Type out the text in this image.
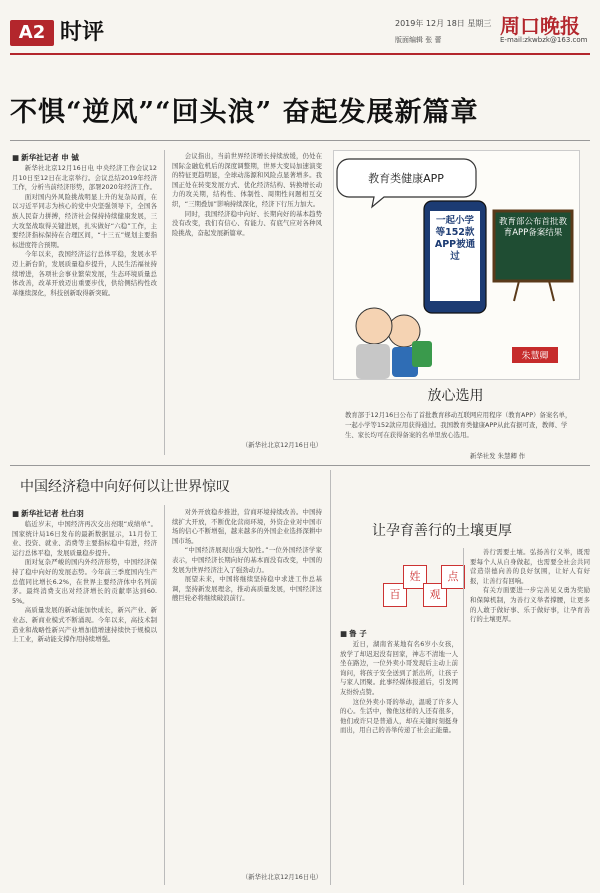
A2 时评	2019年 12月 18日 星期三 周口晚报
版面编辑 张 蕾	E-mail:zkwbzk@163.com
不惧“逆风”“回头浪” 奋起发展新篇章
■ 新华社记者 申 铖

新华社北京12月16日电 中央经济工作会议12月10日至12日在北京举行。会议总结2019年经济工作，分析当前经济形势，部署2020年经济工作。

面对国内外风险挑战明显上升的复杂局面，在以习近平同志为核心的党中央坚强领导下，全国各族人民奋力拼搏，经济社会保持持续健康发展，三大攻坚战取得关键进展，扎实做好“六稳”工作，主要经济指标保持在合理区间，“十三五”规划主要指标进度符合预期。

今年以来，我国经济运行总体平稳，发展水平迈上新台阶，发展质量稳步提升，人民生活福祉持续增进，各项社会事业繁荣发展，生态环境质量总体改善，改革开放迈出重要步伐，供给侧结构性改革继续深化，科技创新取得新突破。

会议指出，当前世界经济增长持续放缓，仍处在国际金融危机后的深度调整期，世界大变局加速演变的特征更趋明显，全球动荡源和风险点显著增多。我国正处在转变发展方式、优化经济结构、转换增长动力的攻关期，结构性、体制性、周期性问题相互交织，“三期叠加”影响持续深化，经济下行压力加大。

同时，我国经济稳中向好、长期向好的基本趋势没有改变，我们有信心、有能力、有底气应对各种风险挑战，奋起发展新篇章。

（新华社北京12月16日电）
教育类健康APP
一起小学等152款APP被通过
教育部公布首批教育APP备案结果
朱慧卿
放心选用
教育部于12月16日公布了首批教育移动互联网应用程序（教育APP）备案名单，一起小学等152款应用获得通过。我国教育类健康APP从此有据可查，教师、学生、家长均可在获得备案的名单里放心选用。
新华社发 朱慧卿 作
中国经济稳中向好何以让世界惊叹
■ 新华社记者 杜白羽

临近岁末，中国经济再次交出亮眼“成绩单”。国家统计局16日发布的最新数据显示，11月份工业、投资、就业、消费等主要指标稳中有进，经济运行总体平稳，发展质量稳步提升。

面对复杂严峻的国内外经济形势，中国经济保持了稳中向好的发展态势。今年前三季度国内生产总值同比增长6.2%，在世界主要经济体中名列前茅。最终消费支出对经济增长的贡献率达到60.5%。

高质量发展的新动能加快成长，新兴产业、新业态、新商业模式不断涌现。今年以来，高技术制造业和战略性新兴产业增加值增速持续快于规模以上工业，新动能支撑作用持续增强。

对外开放稳步推进，营商环境持续改善。中国持续扩大开放，不断优化营商环境，外资企业对中国市场的信心不断增强，越来越多的外国企业选择深耕中国市场。

“中国经济展现出强大韧性。”一位外国经济学家表示，中国经济长期向好的基本面没有改变，中国的发展为世界经济注入了强劲动力。

展望未来，中国将继续坚持稳中求进工作总基调，坚持新发展理念，推动高质量发展，中国经济这艘巨轮必将继续破浪前行。

（新华社北京12月16日电）
让孕育善行的土壤更厚
百
姓
观
点
■ 鲁 子

近日，湖南省某地有名6岁小女孩，放学了却迟迟没有回家，神志不清地一人坐在路边，一位外卖小哥发现后主动上前询问，将孩子安全送到了派出所，让孩子与家人团聚。此事经媒体报道后，引发网友纷纷点赞。

这位外卖小哥的举动，温暖了许多人的心。生活中，像他这样的人还有很多，他们或许只是普通人，却在关键时刻挺身而出，用自己的善举传递了社会正能量。

善行需要土壤。弘扬善行义举，既需要每个人从自身做起，也需要全社会共同营造崇德向善的良好氛围，让好人有好报，让善行有回响。

有关方面要进一步完善见义勇为奖励和保障机制，为善行义举者撑腰，让更多的人敢于做好事、乐于做好事，让孕育善行的土壤更厚。
